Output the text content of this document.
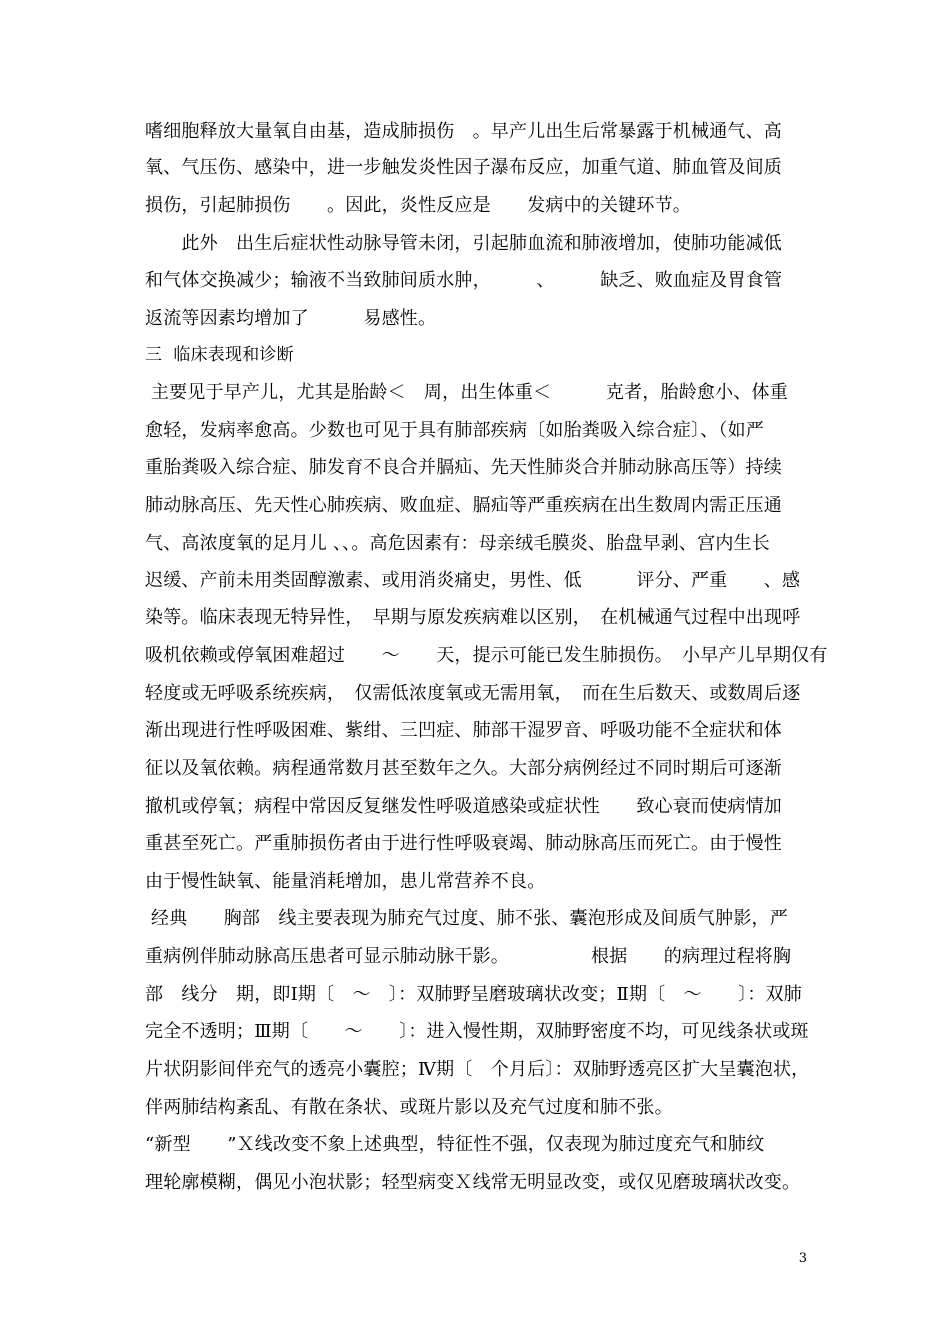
嗜细胞释放大量氧自由基，造成肺损伤　。早产儿出生后常暴露于机械通气、高
氧、气压伤、感染中，进一步触发炎性因子瀑布反应，加重气道、肺血管及间质
损伤，引起肺损伤　　。因此，炎性反应是　　发病中的关键环节。
　　此外　出生后症状性动脉导管未闭，引起肺血流和肺液增加，使肺功能减低
和气体交换减少；输液不当致肺间质水肿，　　　、　　　缺乏、败血症及胃食管
返流等因素均增加了　　　易感性。
三  临床表现和诊断
主要见于早产儿，尤其是胎龄＜　周，出生体重＜　　　克者，胎龄愈小、体重
愈轻，发病率愈高。少数也可见于具有肺部疾病〔如胎粪吸入综合症〕、（如严
重胎粪吸入综合症、肺发育不良合并膈疝、先天性肺炎合并肺动脉高压等）持续
肺动脉高压、先天性心肺疾病、败血症、膈疝等严重疾病在出生数周内需正压通
气、高浓度氧的足月儿 、、。高危因素有：母亲绒毛膜炎、胎盘早剥、宫内生长
迟缓、产前未用类固醇激素、或用消炎痛史，男性、低　　　评分、严重　　、感
染等。临床表现无特异性，　早期与原发疾病难以区别，　在机械通气过程中出现呼
吸机依赖或停氧困难超过　　～　　天，提示可能已发生肺损伤。　小早产儿早期仅有
轻度或无呼吸系统疾病，　仅需低浓度氧或无需用氧，　而在生后数天、或数周后逐
渐出现进行性呼吸困难、紫绀、三凹症、肺部干湿罗音、呼吸功能不全症状和体
征以及氧依赖。病程通常数月甚至数年之久。大部分病例经过不同时期后可逐渐
撤机或停氧；病程中常因反复继发性呼吸道感染或症状性　　致心衰而使病情加
重甚至死亡。严重肺损伤者由于进行性呼吸衰竭、肺动脉高压而死亡。由于慢性
由于慢性缺氧、能量消耗增加，患儿常营养不良。
经典　　胸部　线主要表现为肺充气过度、肺不张、囊泡形成及间质气肿影，严
重病例伴肺动脉高压患者可显示肺动脉干影。　　　　　根据　　的病理过程将胸
部　线分　期，即Ⅰ期〔　～　〕：双肺野呈磨玻璃状改变；Ⅱ期〔　～　　〕：双肺
完全不透明；Ⅲ期〔　　～　　〕：进入慢性期，双肺野密度不均，可见线条状或斑
片状阴影间伴充气的透亮小囊腔；Ⅳ期〔　个月后〕：双肺野透亮区扩大呈囊泡状，
伴两肺结构紊乱、有散在条状、或斑片影以及充气过度和肺不张。
“新型　　”Ｘ线改变不象上述典型，特征性不强，仅表现为肺过度充气和肺纹
理轮廓模糊，偶见小泡状影；轻型病变Ｘ线常无明显改变，或仅见磨玻璃状改变。
3
